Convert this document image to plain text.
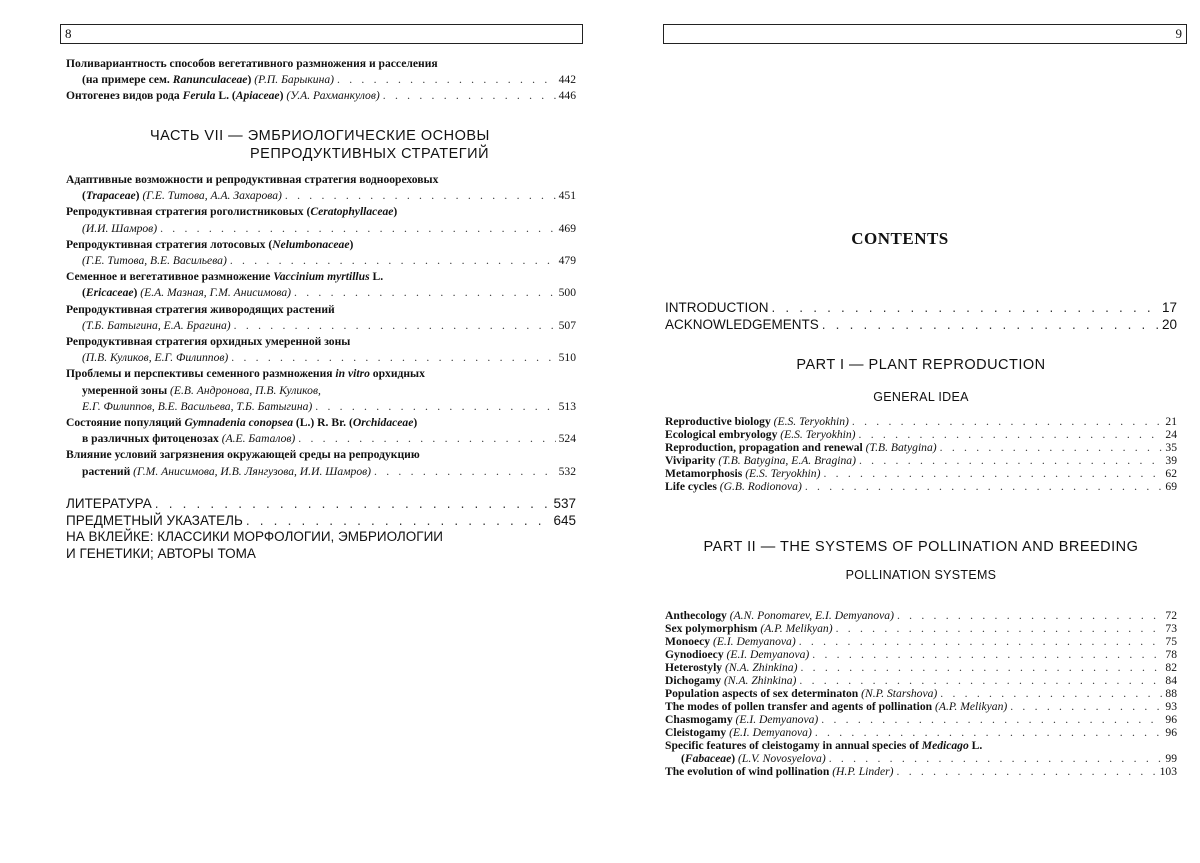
8
Поливариантность способов вегетативного размножения и расселения
(на примере сем. Ranunculaceae) (Р.П. Барыкина) . . .	442
Онтогенез видов рода Ferula L. (Apiaceae) (У.А. Рахманкулов) . . .	446
ЧАСТЬ VII — ЭМБРИОЛОГИЧЕСКИЕ ОСНОВЫ
РЕПРОДУКТИВНЫХ СТРАТЕГИЙ
Адаптивные возможности и репродуктивная стратегия водноореховых
(Trapaceae) (Г.Е. Титова, А.А. Захарова) . . .	451
Репродуктивная стратегия роголистниковых (Ceratophyllaceae)
(И.И. Шамров) . . .	469
Репродуктивная стратегия лотосовых (Nelumbonaceae)
(Г.Е. Титова, В.Е. Васильева) . . .	479
Семенное и вегетативное размножение Vaccinium myrtillus L.
(Ericaceae) (Е.А. Мазная, Г.М. Анисимова) . . .	500
Репродуктивная стратегия живородящих растений
(Т.Б. Батыгина, Е.А. Брагина) . . .	507
Репродуктивная стратегия орхидных умеренной зоны
(П.В. Куликов, Е.Г. Филиппов) . . .	510
Проблемы и перспективы семенного размножения in vitro орхидных
умеренной зоны (Е.В. Андронова, П.В. Куликов,
Е.Г. Филиппов, В.Е. Васильева, Т.Б. Батыгина) . . .	513
Состояние популяций Gymnadenia conopsea (L.) R. Br. (Orchidaceae)
в различных фитоценозах (А.Е. Баталов) . . .	524
Влияние условий загрязнения окружающей среды на репродукцию
растений (Г.М. Анисимова, И.В. Лянгузова, И.И. Шамров) . . .	532
ЛИТЕРАТУРА . . .	537
ПРЕДМЕТНЫЙ УКАЗАТЕЛЬ . . .	645
НА ВКЛЕЙКЕ: КЛАССИКИ МОРФОЛОГИИ, ЭМБРИОЛОГИИ
И ГЕНЕТИКИ; АВТОРЫ ТОМА
9
CONTENTS
INTRODUCTION . . .	17
ACKNOWLEDGEMENTS . . .	20
PART I — PLANT REPRODUCTION
GENERAL IDEA
Reproductive biology (E.S. Teryokhin) . . .	21
Ecological embryology (E.S. Teryokhin) . . .	24
Reproduction, propagation and renewal (T.B. Batygina) . . .	35
Viviparity (T.B. Batygina, E.A. Bragina) . . .	39
Metamorphosis (E.S. Teryokhin) . . .	62
Life cycles (G.B. Rodionova) . . .	69
PART II — THE SYSTEMS OF POLLINATION AND BREEDING
POLLINATION SYSTEMS
Anthecology (A.N. Ponomarev, E.I. Demyanova) . . .	72
Sex polymorphism (A.P. Melikyan) . . .	73
Monoecy (E.I. Demyanova) . . .	75
Gynodioecy (E.I. Demyanova) . . .	78
Heterostyly (N.A. Zhinkina) . . .	82
Dichogamy (N.A. Zhinkina) . . .	84
Population aspects of sex determinaton (N.P. Starshova) . . .	88
The modes of pollen transfer and agents of pollination (A.P. Melikyan) . . .	93
Chasmogamy (E.I. Demyanova) . . .	96
Cleistogamy (E.I. Demyanova) . . .	96
Specific features of cleistogamy in annual species of Medicago L.
(Fabaceae) (L.V. Novosyelova) . . .	99
The evolution of wind pollination (H.P. Linder) . . .	103
